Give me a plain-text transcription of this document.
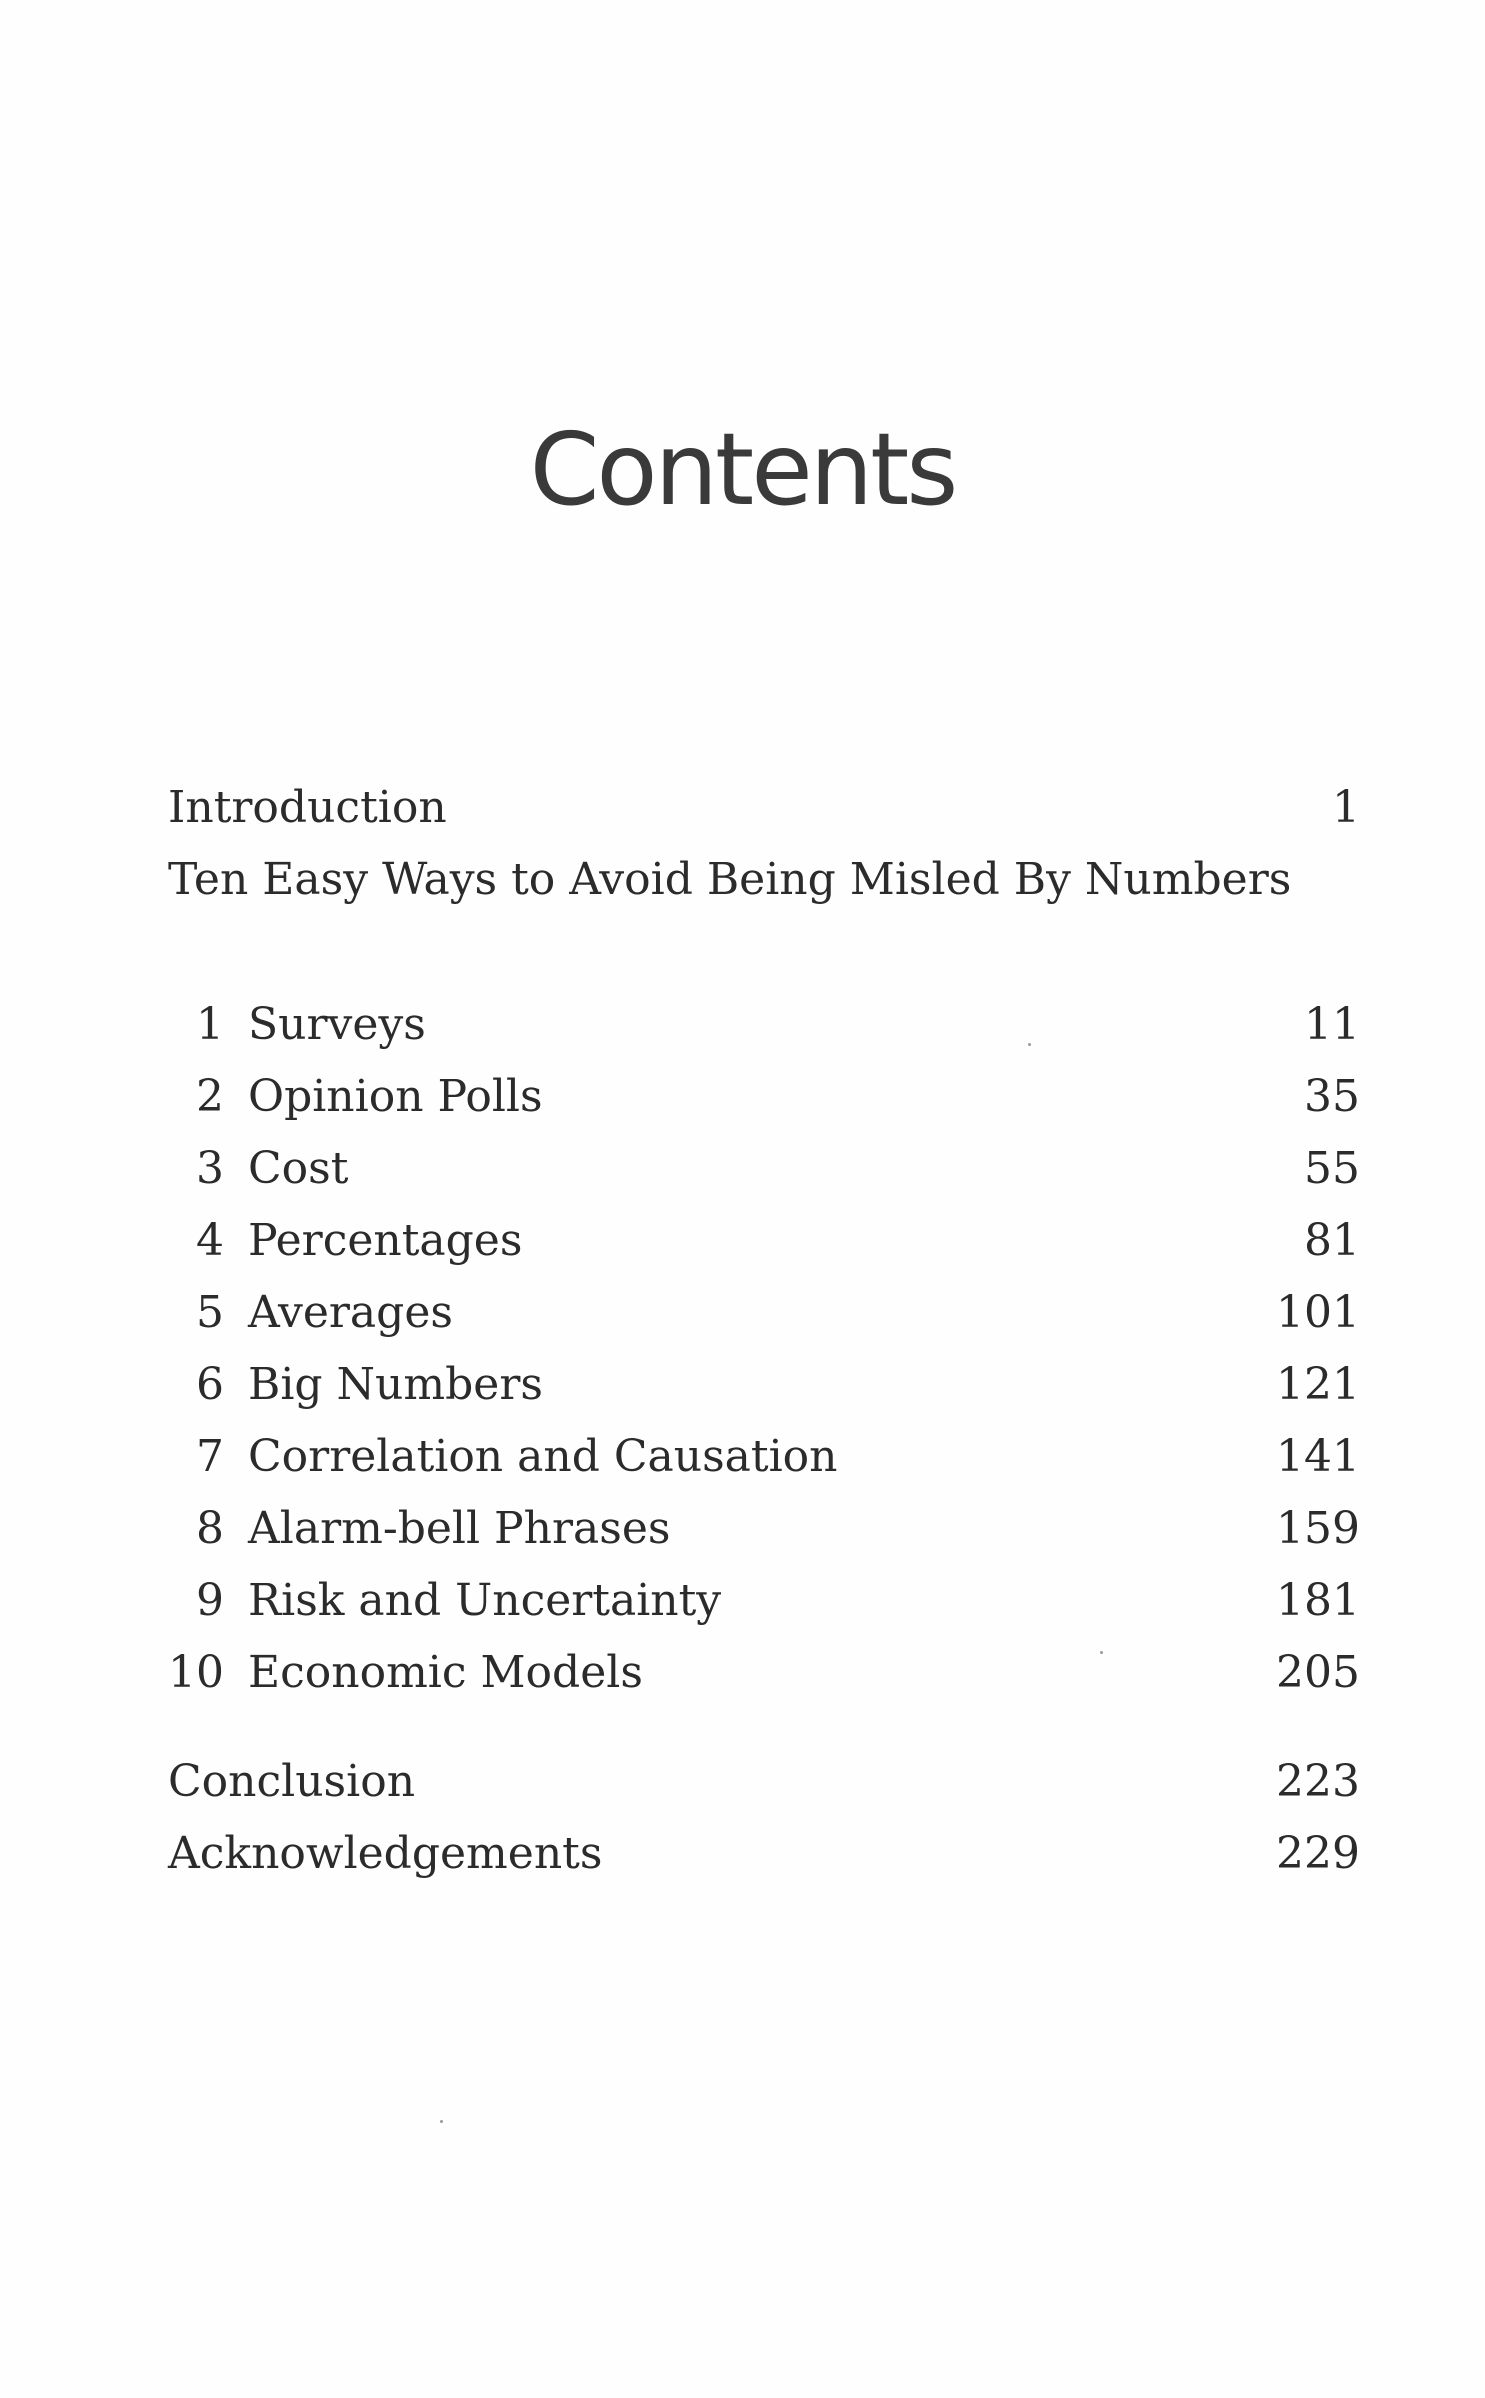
Contents
Introduction	1
Ten Easy Ways to Avoid Being Misled By Numbers
1 Surveys	11
2 Opinion Polls	35
3 Cost	55
4 Percentages	81
5 Averages	101
6 Big Numbers	121
7 Correlation and Causation	141
8 Alarm-bell Phrases	159
9 Risk and Uncertainty	181
10 Economic Models	205
Conclusion	223
Acknowledgements	229
